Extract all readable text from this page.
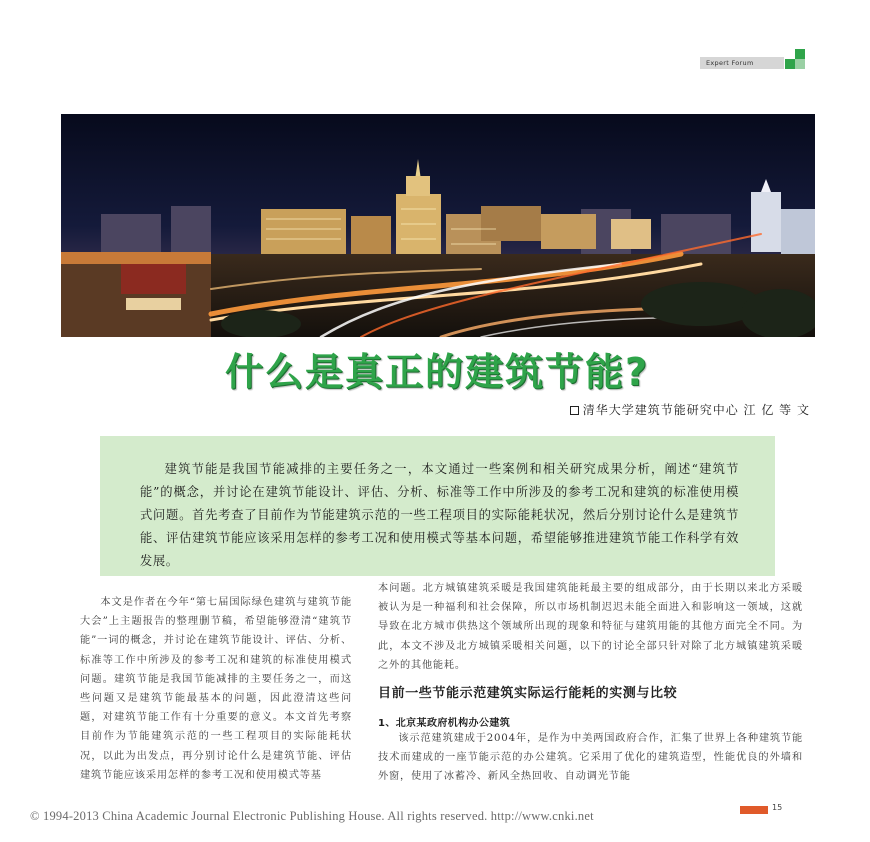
Expert Forum
什么是真正的建筑节能?
清华大学建筑节能研究中心 江 亿 等 文

建筑节能是我国节能减排的主要任务之一，本文通过一些案例和相关研究成果分析，阐述“建筑节能”的概念，并讨论在建筑节能设计、评估、分析、标准等工作中所涉及的参考工况和建筑的标准使用模式问题。首先考查了目前作为节能建筑示范的一些工程项目的实际能耗状况，然后分别讨论什么是建筑节能、评估建筑节能应该采用怎样的参考工况和使用模式等基本问题，希望能够推进建筑节能工作科学有效发展。

本文是作者在今年“第七届国际绿色建筑与建筑节能大会”上主题报告的整理删节稿，希望能够澄清“建筑节能”一词的概念，并讨论在建筑节能设计、评估、分析、标准等工作中所涉及的参考工况和建筑的标准使用模式问题。建筑节能是我国节能减排的主要任务之一，而这些问题又是建筑节能最基本的问题，因此澄清这些问题，对建筑节能工作有十分重要的意义。本文首先考察目前作为节能建筑示范的一些工程项目的实际能耗状况，以此为出发点，再分别讨论什么是建筑节能、评估建筑节能应该采用怎样的参考工况和使用模式等基

本问题。北方城镇建筑采暖是我国建筑能耗最主要的组成部分，由于长期以来北方采暖被认为是一种福利和社会保障，所以市场机制迟迟未能全面进入和影响这一领域，这就导致在北方城市供热这个领域所出现的现象和特征与建筑用能的其他方面完全不同。为此，本文不涉及北方城镇采暖相关问题，以下的讨论全部只针对除了北方城镇建筑采暖之外的其他能耗。

目前一些节能示范建筑实际运行能耗的实测与比较
1、北京某政府机构办公建筑

该示范建筑建成于2004年，是作为中美两国政府合作，汇集了世界上各种建筑节能技术而建成的一座节能示范的办公建筑。它采用了优化的建筑造型，性能优良的外墙和外窗，使用了冰蓄冷、新风全热回收、自动调光节能

15
© 1994-2013 China Academic Journal Electronic Publishing House. All rights reserved. http://www.cnki.net
